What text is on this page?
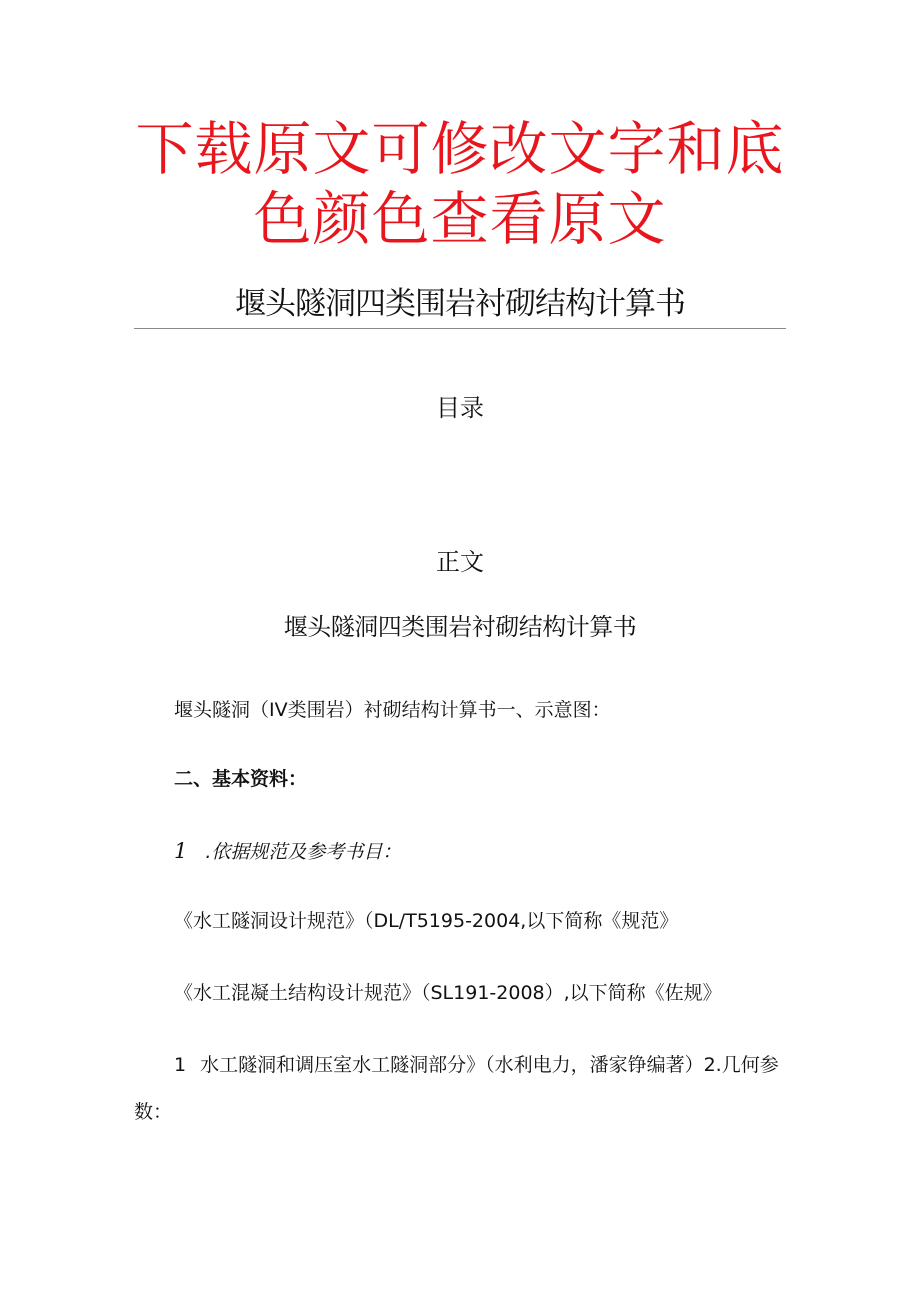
下载原文可修改文字和底
色颜色查看原文
堰头隧洞四类围岩衬砌结构计算书
目录
正文
堰头隧洞四类围岩衬砌结构计算书
堰头隧洞（IV类围岩）衬砌结构计算书一、示意图：
二、基本资料：
1 .依据规范及参考书目：
《水工隧洞设计规范》（DL/T5195-2004,以下简称《规范》
《水工混凝土结构设计规范》（SL191-2008）,以下简称《佐规》
1 水工隧洞和调压室水工隧洞部分》（水利电力，潘家铮编著）2.几何参
数：
